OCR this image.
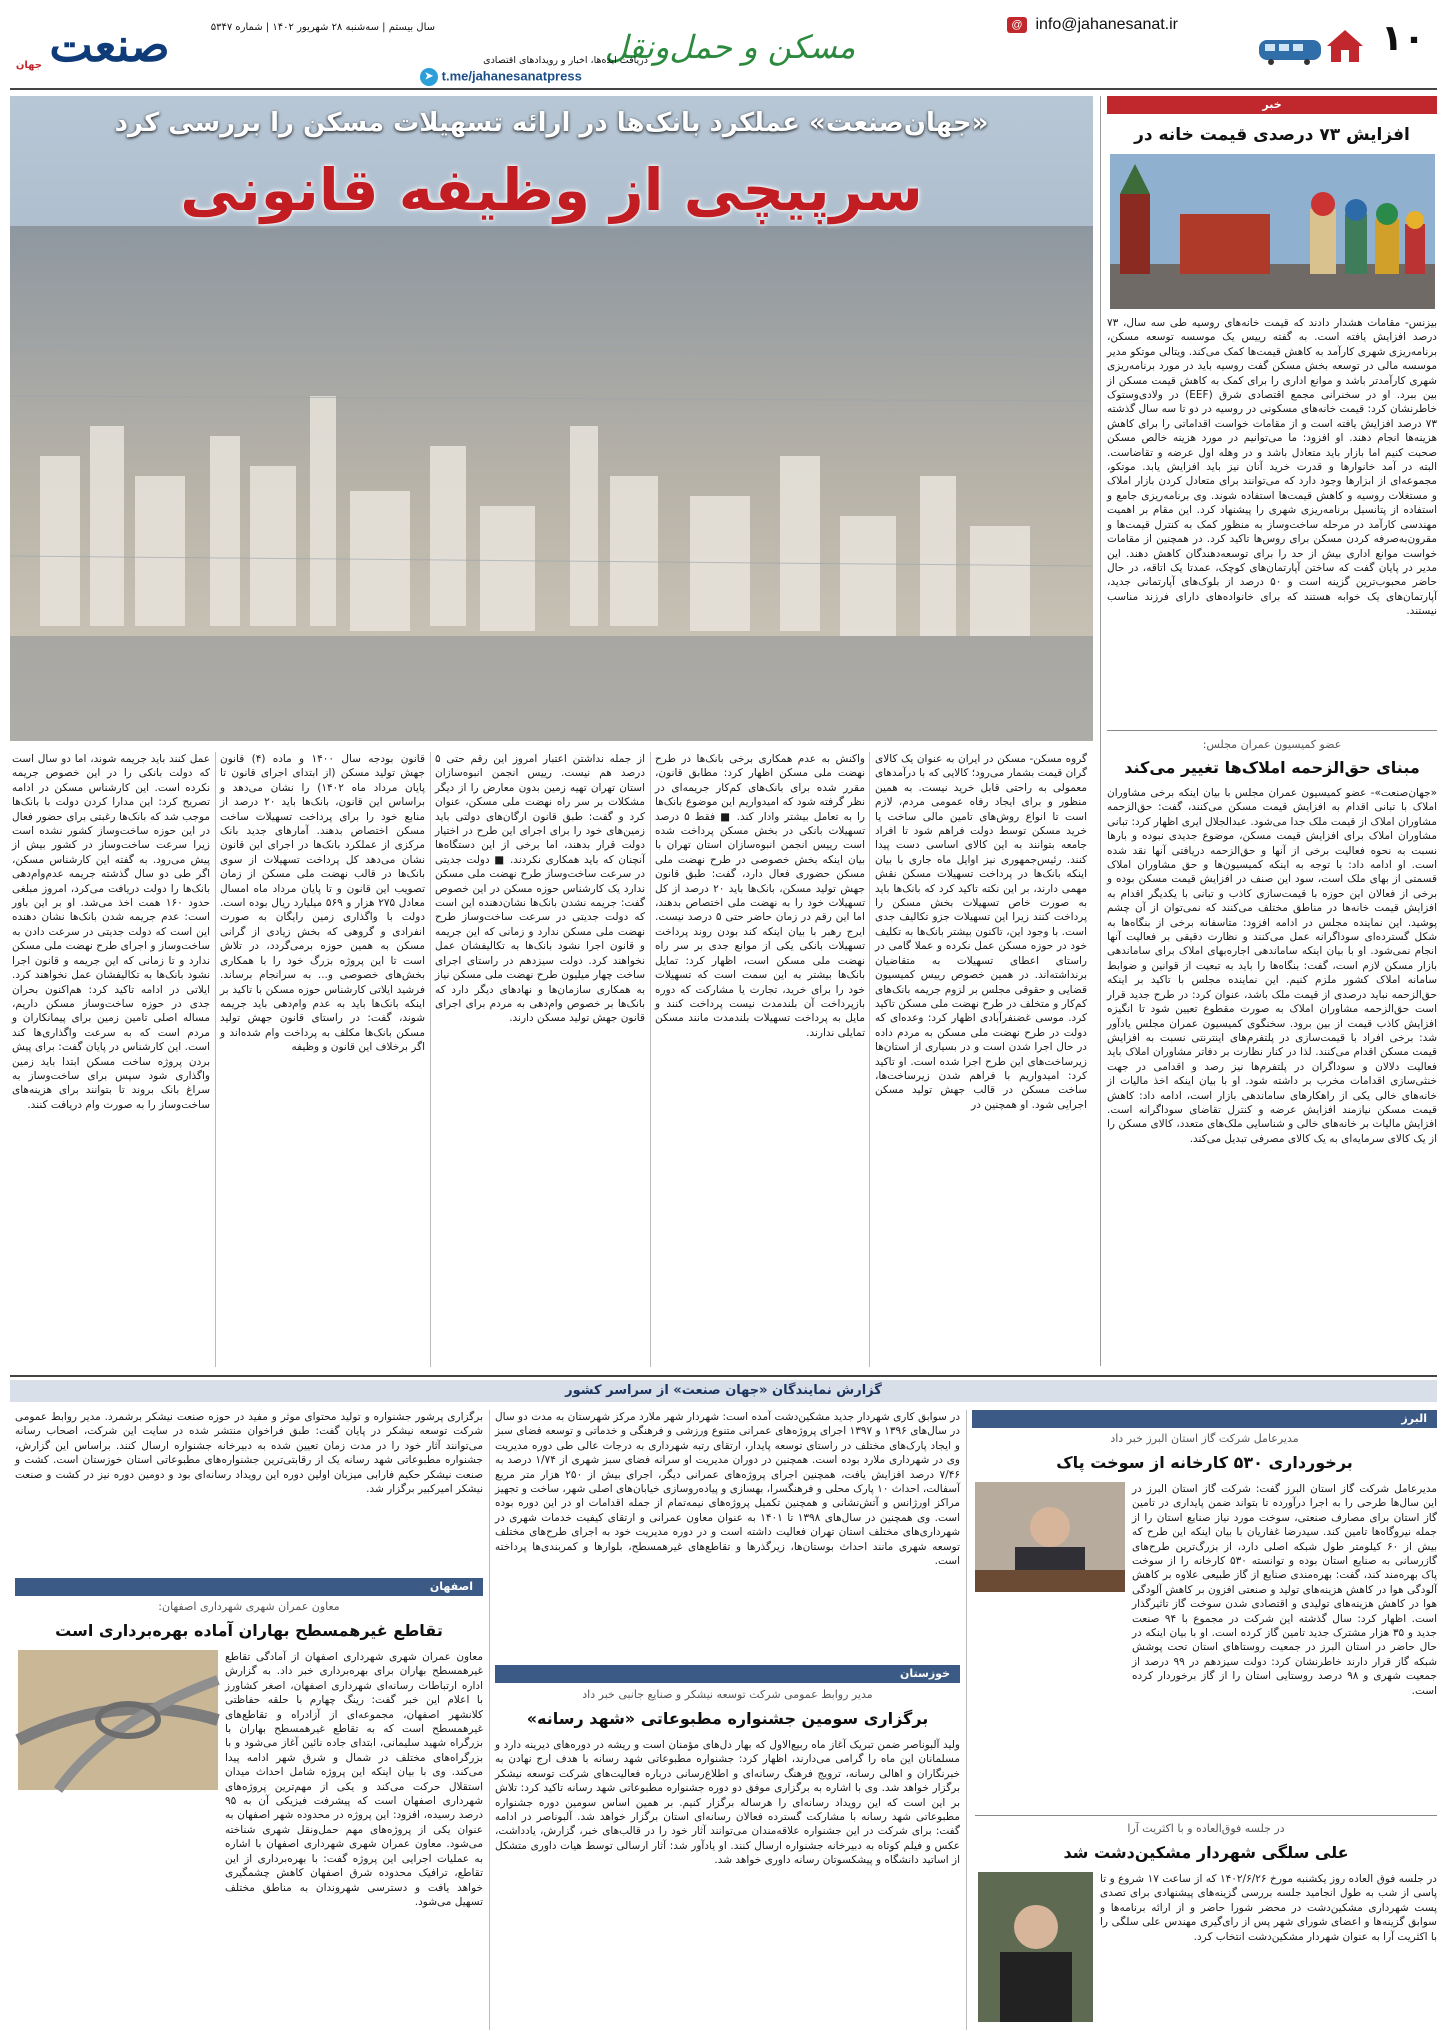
۱۰
@ info@jahanesanat.ir
مسکن و حمل‌ونقل
دریافت ایده‌ها، اخبار و رویدادهای اقتصادی
➤ t.me/jahanesanatpress
سال بیستم | سه‌شنبه ۲۸ شهریور ۱۴۰۲ | شماره ۵۳۴۷
صنعت
جهان
«جهان‌صنعت» عملکرد بانک‌ها در ارائه تسهیلات مسکن را بررسی کرد
سرپیچی از وظیفه قانونی

گروه مسکن- مسکن در ایران به عنوان یک کالای گران قیمت بشمار می‌رود؛ کالایی که با درآمدهای معمولی به راحتی قابل خرید نیست. به همین منظور و برای ایجاد رفاه عمومی مردم، لازم است تا انواع روش‌های تامین مالی ساخت یا خرید مسکن توسط دولت فراهم شود تا افراد جامعه بتوانند به این کالای اساسی دست پیدا کنند. رئیس‌جمهوری نیز اوایل ماه جاری با بیان اینکه بانک‌ها در پرداخت تسهیلات مسکن نقش مهمی دارند، بر این نکته تاکید کرد که بانک‌ها باید به صورت خاص تسهیلات بخش مسکن را پرداخت کنند زیرا این تسهیلات جزو تکالیف جدی است. با وجود این، تاکنون بیشتر بانک‌ها به تکلیف خود در حوزه مسکن عمل نکرده و عملا گامی در راستای اعطای تسهیلات به متقاضیان برنداشته‌اند. در همین خصوص رییس کمیسیون قضایی و حقوقی مجلس بر لزوم جریمه بانک‌های کم‌کار و متخلف در طرح نهضت ملی مسکن تاکید کرد. موسی غضنفرآبادی اظهار کرد: وعده‌ای که دولت در طرح نهضت ملی مسکن به مردم داده در حال اجرا شدن است و در بسیاری از استان‌ها زیرساخت‌های این طرح اجرا شده است. او تاکید کرد: امیدواریم با فراهم شدن زیرساخت‌ها، ساخت مسکن در قالب جهش تولید مسکن اجرایی شود. او همچنین در

واکنش به عدم همکاری برخی بانک‌ها در طرح نهضت ملی مسکن اظهار کرد: مطابق قانون، مقرر شده برای بانک‌های کم‌کار جریمه‌ای در نظر گرفته شود که امیدواریم این موضوع بانک‌ها را به تعامل بیشتر وادار کند. ■ فقط ۵ درصد تسهیلات بانکی در بخش مسکن پرداخت شده است رییس انجمن انبوه‌سازان استان تهران با بیان اینکه بخش خصوصی در طرح نهضت ملی مسکن حضوری فعال دارد، گفت: طبق قانون جهش تولید مسکن، بانک‌ها باید ۲۰ درصد از کل تسهیلات خود را به نهضت ملی اختصاص بدهند، اما این رقم در زمان حاضر حتی ۵ درصد نیست. ایرج رهبر با بیان اینکه کند بودن روند پرداخت تسهیلات بانکی یکی از موانع جدی بر سر راه نهضت ملی مسکن است، اظهار کرد: تمایل بانک‌ها بیشتر به این سمت است که تسهیلات خود را برای خرید، تجارت یا مشارکت که دوره بازپرداخت آن بلندمدت نیست پرداخت کنند و مایل به پرداخت تسهیلات بلندمدت مانند مسکن تمایلی ندارند.

از جمله نداشتن اعتبار امروز این رقم حتی ۵ درصد هم نیست. رییس انجمن انبوه‌سازان استان تهران تهیه زمین بدون معارض را از دیگر مشکلات بر سر راه نهضت ملی مسکن، عنوان کرد و گفت: طبق قانون ارگان‌های دولتی باید زمین‌های خود را برای اجرای این طرح در اختیار دولت قرار بدهند، اما برخی از این دستگاه‌ها آنچنان که باید همکاری نکردند. ■ دولت جدیتی در سرعت ساخت‌وساز طرح نهضت ملی مسکن ندارد یک کارشناس حوزه مسکن در این خصوص گفت: جریمه نشدن بانک‌ها نشان‌دهنده این است که دولت جدیتی در سرعت ساخت‌وساز طرح نهضت ملی مسکن ندارد و زمانی که این جریمه ‌و قانون اجرا نشود بانک‌ها به تکالیفشان عمل نخواهند کرد. دولت سیزدهم در راستای اجرای ساخت چهار میلیون طرح نهضت ملی مسکن نیاز به همکاری سازمان‌ها و نهادهای دیگر دارد که بانک‌ها بر خصوص وام‌دهی به مردم برای اجرای قانون جهش تولید مسکن دارند.

قانون بودجه سال ۱۴۰۰ و ماده (۴) قانون جهش تولید مسکن (از ابتدای اجرای قانون تا پایان مرداد ماه ۱۴۰۲) را نشان می‌دهد و براساس این قانون، بانک‌ها باید ۲۰ درصد از منابع خود را برای پرداخت تسهیلات ساخت مسکن اختصاص بدهند. آمارهای جدید بانک مرکزی از عملکرد بانک‌ها در اجرای این قانون نشان می‌دهد کل پرداخت تسهیلات از سوی بانک‌ها در قالب نهضت ملی مسکن از زمان تصویب این قانون و تا پایان مرداد ماه امسال معادل ۲۷۵ هزار و ۵۶۹ میلیارد ریال بوده است. دولت با واگذاری زمین رایگان به صورت انفرادی و گروهی که بخش زیادی از گرانی مسکن به همین حوزه برمی‌گردد، در تلاش است تا این پروژه بزرگ خود را با همکاری بخش‌های خصوصی و... به سرانجام برساند. فرشید ایلاتی کارشناس حوزه مسکن با تاکید بر اینکه بانک‌ها باید به عدم وام‌دهی باید جریمه شوند، گفت: در راستای قانون جهش تولید مسکن بانک‌ها مکلف به پرداخت وام شده‌اند و اگر برخلاف این قانون و وظیفه

عمل کنند باید جریمه شوند، اما دو سال است که دولت بانکی را در این خصوص جریمه نکرده است. این کارشناس مسکن در ادامه تصریح کرد: این مدارا کردن دولت با بانک‌ها موجب شد که بانک‌ها رغبتی برای حضور فعال در این حوزه ساخت‌وساز کشور نشده است زیرا سرعت ساخت‌وساز در کشور بیش از پیش می‌رود. به گفته این کارشناس مسکن، اگر طی دو سال گذشته جریمه عدم‌وام‌دهی بانک‌ها را دولت دریافت می‌کرد، امروز مبلغی حدود ۱۶۰ همت اخذ می‌شد. او بر این باور است: عدم جریمه شدن بانک‌ها نشان دهنده این است که دولت جدیتی در سرعت دادن به ساخت‌وساز و اجرای طرح نهضت ملی مسکن ندارد و تا زمانی که این جریمه و قانون اجرا نشود بانک‌ها به تکالیفشان عمل نخواهند کرد. ایلاتی در ادامه تاکید کرد: هم‌اکنون بحران جدی در حوزه ساخت‌وساز مسکن داریم، مساله اصلی تامین زمین برای پیمانکاران و مردم است که به سرعت واگذاری‌ها کند است. این کارشناس در پایان گفت: برای پیش بردن پروژه ساخت مسکن ابتدا باید زمین واگذاری شود سپس برای ساخت‌وساز به سراغ بانک بروند تا بتوانند برای هزینه‌های ساخت‌وساز را به صورت وام دریافت کنند.

خبر
افزایش ۷۳ درصدی قیمت خانه در

بیزنس- مقامات هشدار دادند که قیمت خانه‌های روسیه طی سه سال، ۷۳ درصد افزایش یافته است. به گفته رییس یک موسسه توسعه مسکن، برنامه‌ریزی شهری کارآمد به کاهش قیمت‌ها کمک می‌کند. ویتالی موتکو مدیر موسسه مالی در توسعه بخش مسکن گفت روسیه باید در مورد برنامه‌ریزی شهری کارآمدتر باشد و موانع اداری را برای کمک به کاهش قیمت مسکن از بین ببرد. او در سخنرانی مجمع اقتصادی شرق (EEF) در ولادی‌وستوک خاطرنشان کرد: قیمت خانه‌های مسکونی در روسیه در دو تا سه سال گذشته ۷۳ درصد افزایش یافته است و از مقامات خواست اقداماتی را برای کاهش هزینه‌ها انجام دهند. او افزود: ما می‌توانیم در مورد هزینه خالص مسکن صحبت کنیم اما بازار باید متعادل باشد و در وهله اول عرضه و تقاضاست. البته در آمد خانوارها و قدرت خرید آنان نیز باید افزایش یابد. موتکو، مجموعه‌ای از ابزارها وجود دارد که می‌توانند برای متعادل کردن بازار املاک و مستغلات روسیه و کاهش قیمت‌ها استفاده شوند. وی برنامه‌ریزی جامع و استفاده از پتانسیل برنامه‌ریزی شهری را پیشنهاد کرد. این مقام بر اهمیت مهندسی کارآمد در مرحله ساخت‌وساز به منظور کمک به کنترل قیمت‌ها و مقرون‌به‌صرفه کردن مسکن برای روس‌ها تاکید کرد. در همچنین از مقامات خواست موانع اداری بیش از حد را برای توسعه‌دهندگان کاهش دهند. این مدیر در پایان گفت که ساختن آپارتمان‌های کوچک، عمدتا یک اتاقه، در حال حاضر محبوب‌ترین گزینه است و ۵۰ درصد از بلوک‌های آپارتمانی جدید، آپارتمان‌های یک خوابه هستند که برای خانواده‌های دارای فرزند مناسب نیستند.

عضو کمیسیون عمران مجلس:
مبنای حق‌الزحمه املاک‌ها تغییر می‌کند

«جهان‌صنعت»- عضو کمیسیون عمران مجلس با بیان اینکه برخی مشاوران املاک با تبانی اقدام به افزایش قیمت مسکن می‌کنند، گفت: حق‌الزحمه مشاوران املاک از قیمت ملک جدا می‌شود. عبدالجلال ایری اظهار کرد: تبانی مشاوران املاک برای افزایش قیمت مسکن، موضوع جدیدی نبوده و بارها نسبت به نحوه فعالیت برخی از آنها و حق‌الزحمه دریافتی آنها نقد شده است. او ادامه داد: با توجه به اینکه کمیسیون‌ها و حق مشاوران املاک قسمتی از بهای ملک است، سود این صنف در افزایش قیمت مسکن بوده و برخی از فعالان این حوزه با قیمت‌سازی کاذب و تبانی با یکدیگر اقدام به افزایش قیمت خانه‌ها در مناطق مختلف می‌کنند که نمی‌توان از آن چشم پوشید. این نماینده مجلس در ادامه افزود: متاسفانه برخی از بنگاه‌ها به شکل گسترده‌ای سوداگرانه عمل می‌کنند و نظارت دقیقی بر فعالیت آنها انجام نمی‌شود. او با بیان اینکه ساماندهی اجاره‌بهای املاک برای ساماندهی بازار مسکن لازم است، گفت: بنگاه‌ها را باید به تبعیت از قوانین و ضوابط سامانه املاک کشور ملزم کنیم. این نماینده مجلس با تاکید بر اینکه حق‌الزحمه نباید درصدی از قیمت ملک باشد، عنوان کرد: در طرح جدید قرار است حق‌الزحمه مشاوران املاک به صورت مقطوع تعیین شود تا انگیزه افزایش کاذب قیمت از بین برود. سخنگوی کمیسیون عمران مجلس یادآور شد: برخی افراد با قیمت‌سازی در پلتفرم‌های اینترنتی نسبت به افزایش قیمت مسکن اقدام می‌کنند. لذا در کنار نظارت بر دفاتر مشاوران املاک باید فعالیت دلالان و سوداگران در پلتفرم‌ها نیز رصد و اقدامی در جهت خنثی‌سازی اقدامات مخرب بر داشته شود. او با بیان اینکه اخذ مالیات از خانه‌های خالی یکی از راهکارهای ساماندهی بازار است، ادامه داد: کاهش قیمت مسکن نیازمند افزایش عرضه و کنترل تقاضای سوداگرانه است. افزایش مالیات بر خانه‌های خالی و شناسایی ملک‌های متعدد، کالای مسکن را از یک کالای سرمایه‌ای به یک کالای مصرفی تبدیل می‌کند.

گزارش نمایندگان «جهان صنعت» از سراسر کشور
البرز
مدیرعامل شرکت گاز استان البرز خبر داد
برخورداری ۵۳۰ کارخانه از سوخت پاک

مدیرعامل شرکت گاز استان البرز گفت: شرکت گاز استان البرز در این سال‌ها طرحی را به اجرا درآورده تا بتواند ضمن پایداری در تامین گاز استان برای مصارف صنعتی، سوخت مورد نیاز صنایع استان را از جمله نیروگاه‌ها تامین کند. سیدرضا غفاریان با بیان اینکه این طرح که بیش از ۶۰ کیلومتر طول شبکه اصلی دارد، از بزرگ‌ترین طرح‌های گازرسانی به صنایع استان بوده و توانسته ۵۳۰ کارخانه را از سوخت پاک بهره‌مند کند، گفت: بهره‌مندی صنایع از گاز طبیعی علاوه بر کاهش آلودگی هوا در کاهش هزینه‌های تولید و صنعتی افزون بر کاهش آلودگی هوا در کاهش هزینه‌های تولیدی و اقتصادی شدن سوخت گاز تاثیرگذار است. اظهار کرد: سال گذشته این شرکت در مجموع با ۹۴ صنعت جدید و ۳۵ هزار مشترک جدید تامین گاز کرده است. او با بیان اینکه در حال حاضر در استان البرز در جمعیت روستاهای استان تحت پوشش شبکه گاز قرار دارند خاطرنشان کرد: دولت سیزدهم در ۹۹ درصد از جمعیت شهری و ۹۸ درصد روستایی استان را از گاز برخوردار کرده است.

در جلسه فوق‌العاده و با اکثریت آرا
علی سلگی شهردار مشکین‌دشت شد

در جلسه فوق العاده روز یکشنبه مورخ ۱۴۰۲/۶/۲۶ که از ساعت ۱۷ شروع و تا پاسی از شب به طول انجامید جلسه بررسی گزینه‌های پیشنهادی برای تصدی پست شهرداری مشکین‌دشت در محضر شورا حاضر و از ارائه برنامه‌ها و سوابق گزینه‌ها و اعضای شورای شهر پس از رای‌گیری مهندس علی سلگی را با اکثریت آرا به عنوان شهردار مشکین‌دشت انتخاب کرد.

در سوابق کاری شهردار جدید مشکین‌دشت آمده است: شهردار شهر ملارد مرکز شهرستان به مدت دو سال در سال‌های ۱۳۹۶ و ۱۳۹۷ اجرای پروژه‌های عمرانی متنوع ورزشی و فرهنگی و خدماتی و توسعه فضای سبز و ایجاد پارک‌های مختلف در راستای توسعه پایدار، ارتقای رتبه شهرداری به درجات عالی طی دوره مدیریت وی در شهرداری ملارد بوده است. همچنین در دوران مدیریت او سرانه فضای سبز شهری از ۱/۷۴ درصد به ۷/۴۶ درصد افزایش یافت، همچنین اجرای پروژه‌های عمرانی دیگر، اجرای بیش از ۲۵۰ هزار متر مربع آسفالت، احداث ۱۰ پارک محلی و فرهنگسرا، بهسازی و پیاده‌روسازی خیابان‌های اصلی شهر، ساخت و تجهیز مراکز اورژانس و آتش‌نشانی و همچنین تکمیل پروژه‌های نیمه‌تمام از جمله اقدامات او در این دوره بوده است. وی همچنین در سال‌های ۱۳۹۸ تا ۱۴۰۱ به عنوان معاون عمرانی و ارتقای کیفیت خدمات شهری در شهرداری‌های مختلف استان تهران فعالیت داشته است و در دوره مدیریت خود به اجرای طرح‌های مختلف توسعه شهری مانند احداث بوستان‌ها، زیرگذرها و تقاطع‌های غیرهمسطح، بلوارها و کمربندی‌ها پرداخته است.

خوزستان
مدیر روابط عمومی شرکت توسعه نیشکر و صنایع جانبی خبر داد
برگزاری سومین جشنواره مطبوعاتی «شهد رسانه»

ولید آلبوناصر ضمن تبریک آغاز ماه ربیع‌الاول که بهار دل‌های مؤمنان است و ریشه در دوره‌های دیرینه دارد و مسلمانان این ماه را گرامی می‌دارند، اظهار کرد: جشنواره مطبوعاتی شهد رسانه با هدف ارج نهادن به خبرنگاران و اهالی رسانه، ترویج فرهنگ رسانه‌ای و اطلاع‌رسانی درباره فعالیت‌های شرکت توسعه نیشکر برگزار خواهد شد. وی با اشاره به برگزاری موفق دو دوره جشنواره مطبوعاتی شهد رسانه تاکید کرد: تلاش بر این است که این رویداد رسانه‌ای را هرساله برگزار کنیم. بر همین اساس سومین دوره جشنواره مطبوعاتی شهد رسانه با مشارکت گسترده فعالان رسانه‌ای استان برگزار خواهد شد. آلبوناصر در ادامه گفت: برای شرکت در این جشنواره علاقه‌مندان می‌توانند آثار خود را در قالب‌های خبر، گزارش، یادداشت، عکس و فیلم کوتاه به دبیرخانه جشنواره ارسال کنند. او یادآور شد: آثار ارسالی توسط هیات داوری متشکل از اساتید دانشگاه و پیشکسوتان رسانه داوری خواهد شد.

برگزاری پرشور جشنواره و تولید محتوای موثر و مفید در حوزه صنعت نیشکر برشمرد. مدیر روابط عمومی شرکت توسعه نیشکر در پایان گفت: طبق فراخوان منتشر شده در سایت این شرکت، اصحاب رسانه می‌توانند آثار خود را در مدت زمان تعیین شده به دبیرخانه جشنواره ارسال کنند. براساس این گزارش، جشنواره مطبوعاتی شهد رسانه یک از رقابتی‌ترین جشنواره‌های مطبوعاتی استان خوزستان است. کشت و صنعت نیشکر حکیم فارابی میزبان اولین دوره این رویداد رسانه‌ای بود و دومین دوره نیز در کشت و صنعت نیشکر امیرکبیر برگزار شد.

اصفهان
معاون عمران شهری شهرداری اصفهان:
تقاطع غیرهمسطح بهاران آماده بهره‌برداری است

معاون عمران شهری شهرداری اصفهان از آمادگی تقاطع غیرهمسطح بهاران برای بهره‌برداری خبر داد. به گزارش اداره ارتباطات رسانه‌ای شهرداری اصفهان، اصغر کشاورز با اعلام این خبر گفت: رینگ چهارم با حلقه حفاظتی کلانشهر اصفهان، مجموعه‌ای از آزادراه و تقاطع‌های غیرهمسطح است که به تقاطع غیرهمسطح بهاران با بزرگراه شهید سلیمانی، ابتدای جاده نائین آغاز می‌شود و با بزرگراه‌های مختلف در شمال و شرق شهر ادامه پیدا می‌کند. وی با بیان اینکه این پروژه شامل احداث میدان استقلال حرکت می‌کند و یکی از مهم‌ترین پروژه‌های شهرداری اصفهان است که پیشرفت فیزیکی آن به ۹۵ درصد رسیده، افزود: این پروژه در محدوده شهر اصفهان به عنوان یکی از پروژه‌های مهم حمل‌ونقل شهری شناخته می‌شود. معاون عمران شهری شهرداری اصفهان با اشاره به عملیات اجرایی این پروژه گفت: با بهره‌برداری از این تقاطع، ترافیک محدوده شرق اصفهان کاهش چشمگیری خواهد یافت و دسترسی شهروندان به مناطق مختلف تسهیل می‌شود.
